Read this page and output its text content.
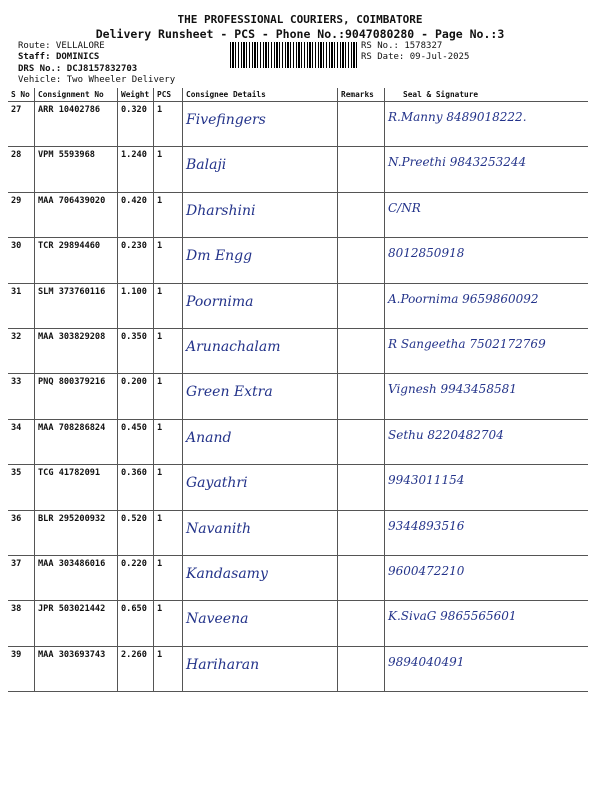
THE PROFESSIONAL COURIERS, COIMBATORE
Delivery Runsheet - PCS - Phone No.:9047080280 - Page No.:3
Route: VELLALORE
Staff: DOMINICS
DRS No.: DCJ8157832703
Vehicle: Two Wheeler Delivery
RS No.: 1578327
RS Date: 09-Jul-2025
S No	Consignment No	Weight	PCS	Consignee Details	Remarks	Seal & Signature
27	ARR 10402786	0.320	1	Fivefingers		R.Manny 8489018222.
28	VPM 5593968	1.240	1	Balaji		N.Preethi 9843253244
29	MAA 706439020	0.420	1	Dharshini		C/NR
30	TCR 29894460	0.230	1	Dm Engg		8012850918
31	SLM 373760116	1.100	1	Poornima		A.Poornima 9659860092
32	MAA 303829208	0.350	1	Arunachalam		R Sangeetha 7502172769
33	PNQ 800379216	0.200	1	Green Extra		Vignesh 9943458581
34	MAA 708286824	0.450	1	Anand		Sethu 8220482704
35	TCG 41782091	0.360	1	Gayathri		9943011154
36	BLR 295200932	0.520	1	Navanith		9344893516
37	MAA 303486016	0.220	1	Kandasamy		9600472210
38	JPR 503021442	0.650	1	Naveena		K.SivaG 9865565601
39	MAA 303693743	2.260	1	Hariharan		9894040491
